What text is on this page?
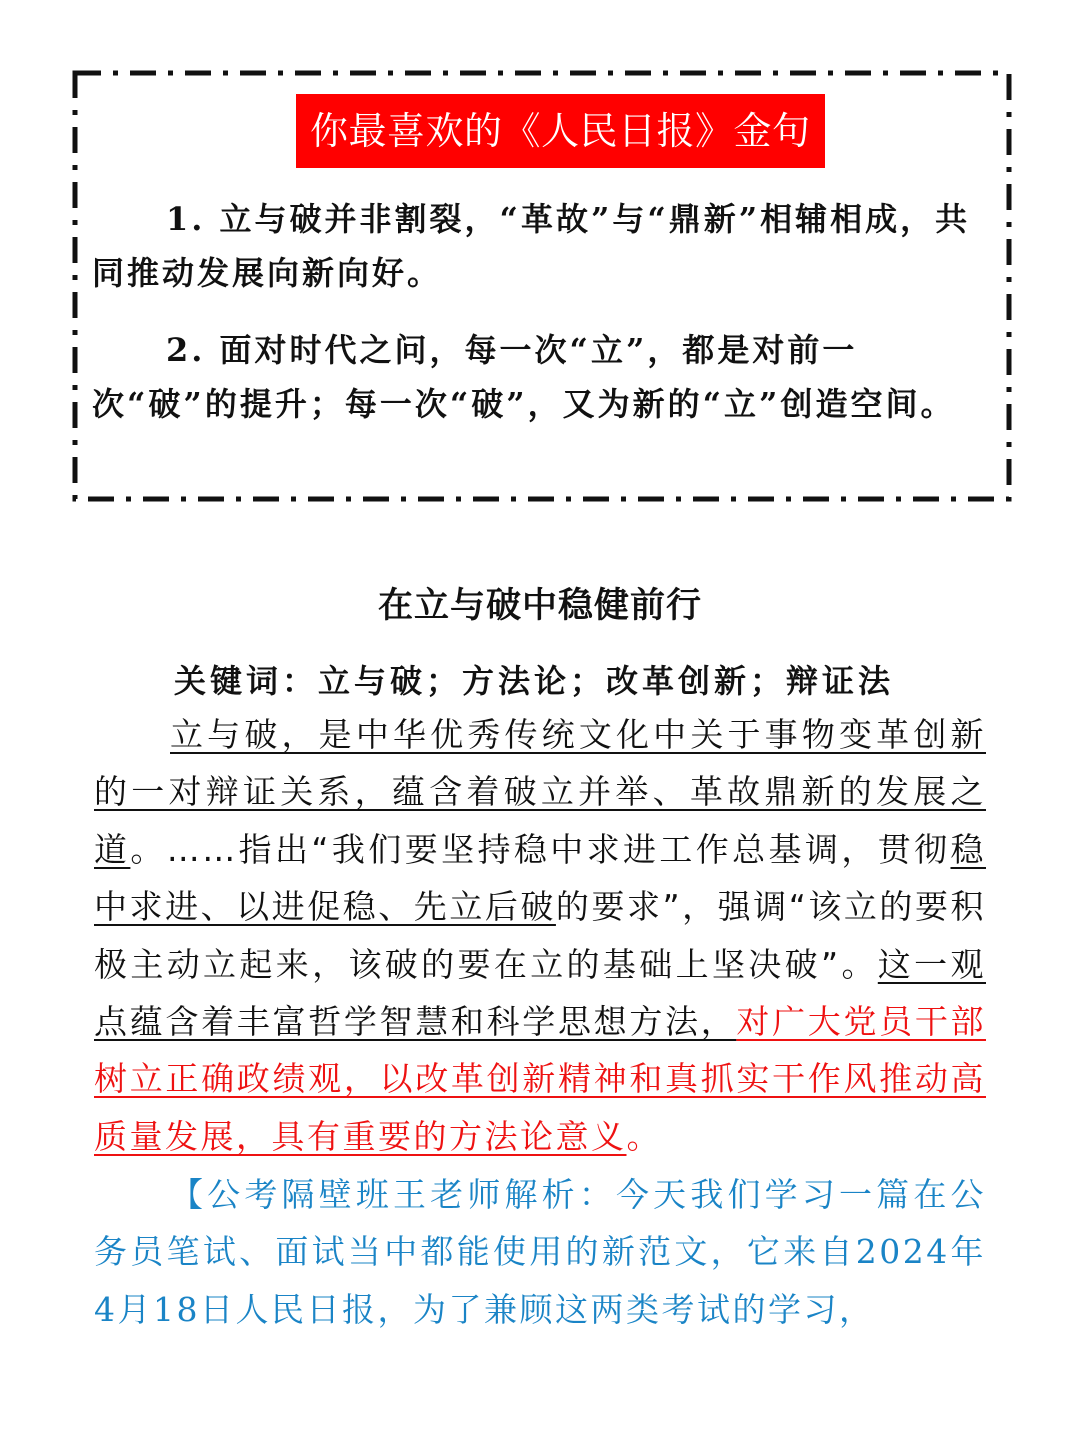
你最喜欢的《人民日报》金句

1. 立与破并非割裂，“革故”与“鼎新”相辅相成，共同推动发展向新向好。

2. 面对时代之问，每一次“立”，都是对前一次“破”的提升；每一次“破”，又为新的“立”创造空间。

在立与破中稳健前行

关键词：立与破；方法论；改革创新；辩证法

立与破，是中华优秀传统文化中关于事物变革创新的一对辩证关系，蕴含着破立并举、革故鼎新的发展之道。……指出“我们要坚持稳中求进工作总基调，贯彻稳中求进、以进促稳、先立后破的要求”，强调“该立的要积极主动立起来，该破的要在立的基础上坚决破”。这一观点蕴含着丰富哲学智慧和科学思想方法，对广大党员干部树立正确政绩观，以改革创新精神和真抓实干作风推动高质量发展，具有重要的方法论意义。

【公考隔壁班王老师解析：今天我们学习一篇在公务员笔试、面试当中都能使用的新范文，它来自2024年4月18日人民日报，为了兼顾这两类考试的学习，
